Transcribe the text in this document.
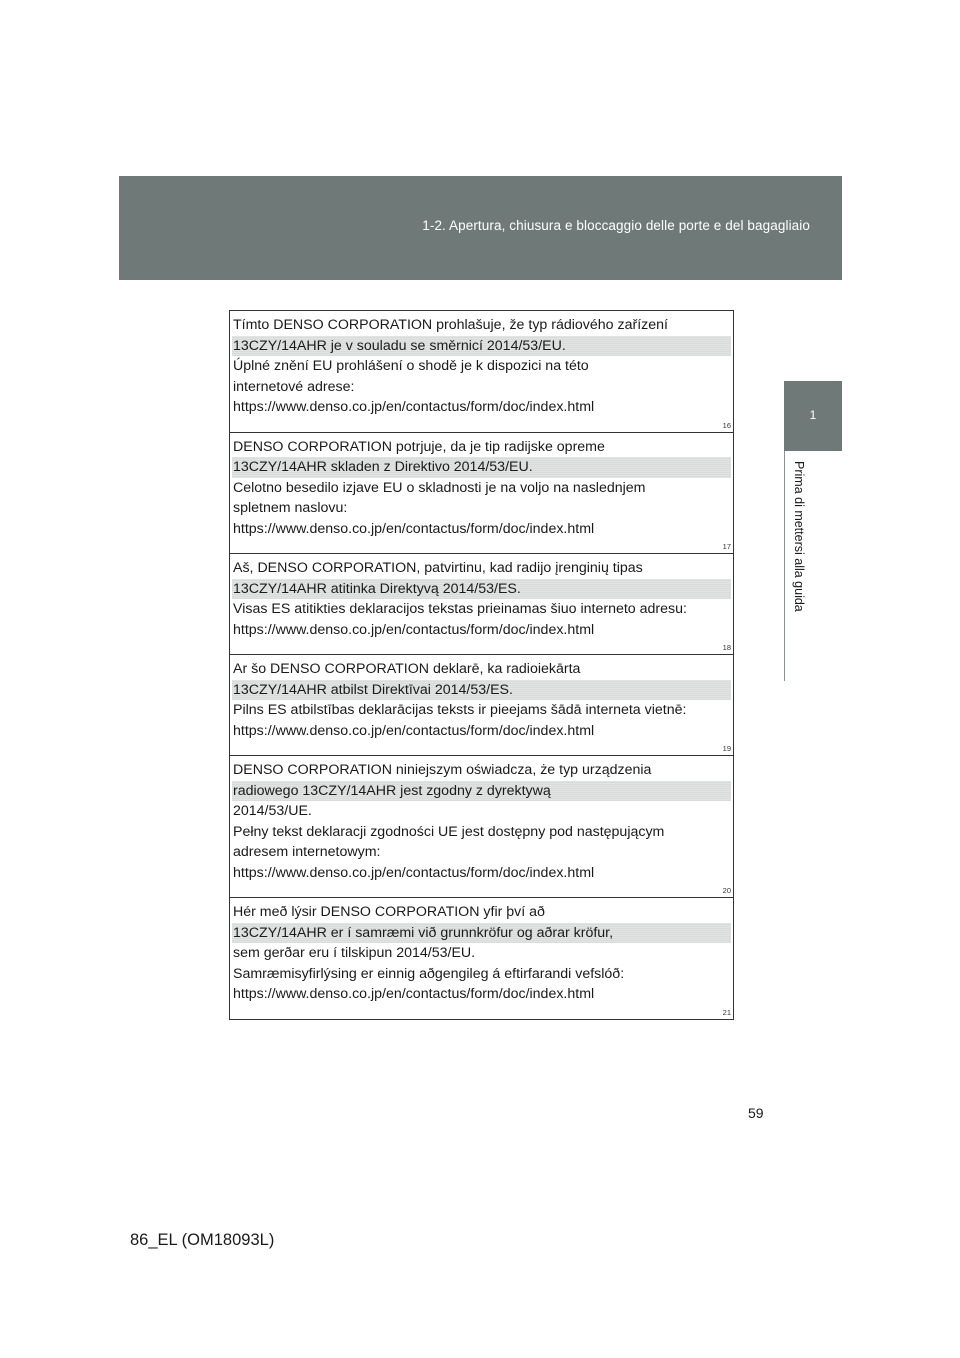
1-2. Apertura, chiusura e bloccaggio delle porte e del bagagliaio
1
Prima di mettersi alla guida
Tímto DENSO CORPORATION prohlašuje, že typ rádiového zařízení
13CZY/14AHR je v souladu se směrnicí 2014/53/EU.
Úplné znění EU prohlášení o shodě je k dispozici na této
internetové adrese:
https://www.denso.co.jp/en/contactus/form/doc/index.html
16
DENSO CORPORATION potrjuje, da je tip radijske opreme
13CZY/14AHR skladen z Direktivo 2014/53/EU.
Celotno besedilo izjave EU o skladnosti je na voljo na naslednjem
spletnem naslovu:
https://www.denso.co.jp/en/contactus/form/doc/index.html
17
Aš, DENSO CORPORATION, patvirtinu, kad radijo įrenginių tipas
13CZY/14AHR atitinka Direktyvą 2014/53/ES.
Visas ES atitikties deklaracijos tekstas prieinamas šiuo interneto adresu:
https://www.denso.co.jp/en/contactus/form/doc/index.html
18
Ar šo DENSO CORPORATION deklarē, ka radioiekārta
13CZY/14AHR atbilst Direktīvai 2014/53/ES.
Pilns ES atbilstības deklarācijas teksts ir pieejams šādā interneta vietnē:
https://www.denso.co.jp/en/contactus/form/doc/index.html
19
DENSO CORPORATION niniejszym oświadcza, że typ urządzenia
radiowego 13CZY/14AHR jest zgodny z dyrektywą
2014/53/UE.
Pełny tekst deklaracji zgodności UE jest dostępny pod następującym
adresem internetowym:
https://www.denso.co.jp/en/contactus/form/doc/index.html
20
Hér með lýsir DENSO CORPORATION yfir því að
13CZY/14AHR er í samræmi við grunnkröfur og aðrar kröfur,
sem gerðar eru í tilskipun 2014/53/EU.
Samræmisyfirlýsing er einnig aðgengileg á eftirfarandi vefslóð:
https://www.denso.co.jp/en/contactus/form/doc/index.html
21
59
86_EL (OM18093L)
